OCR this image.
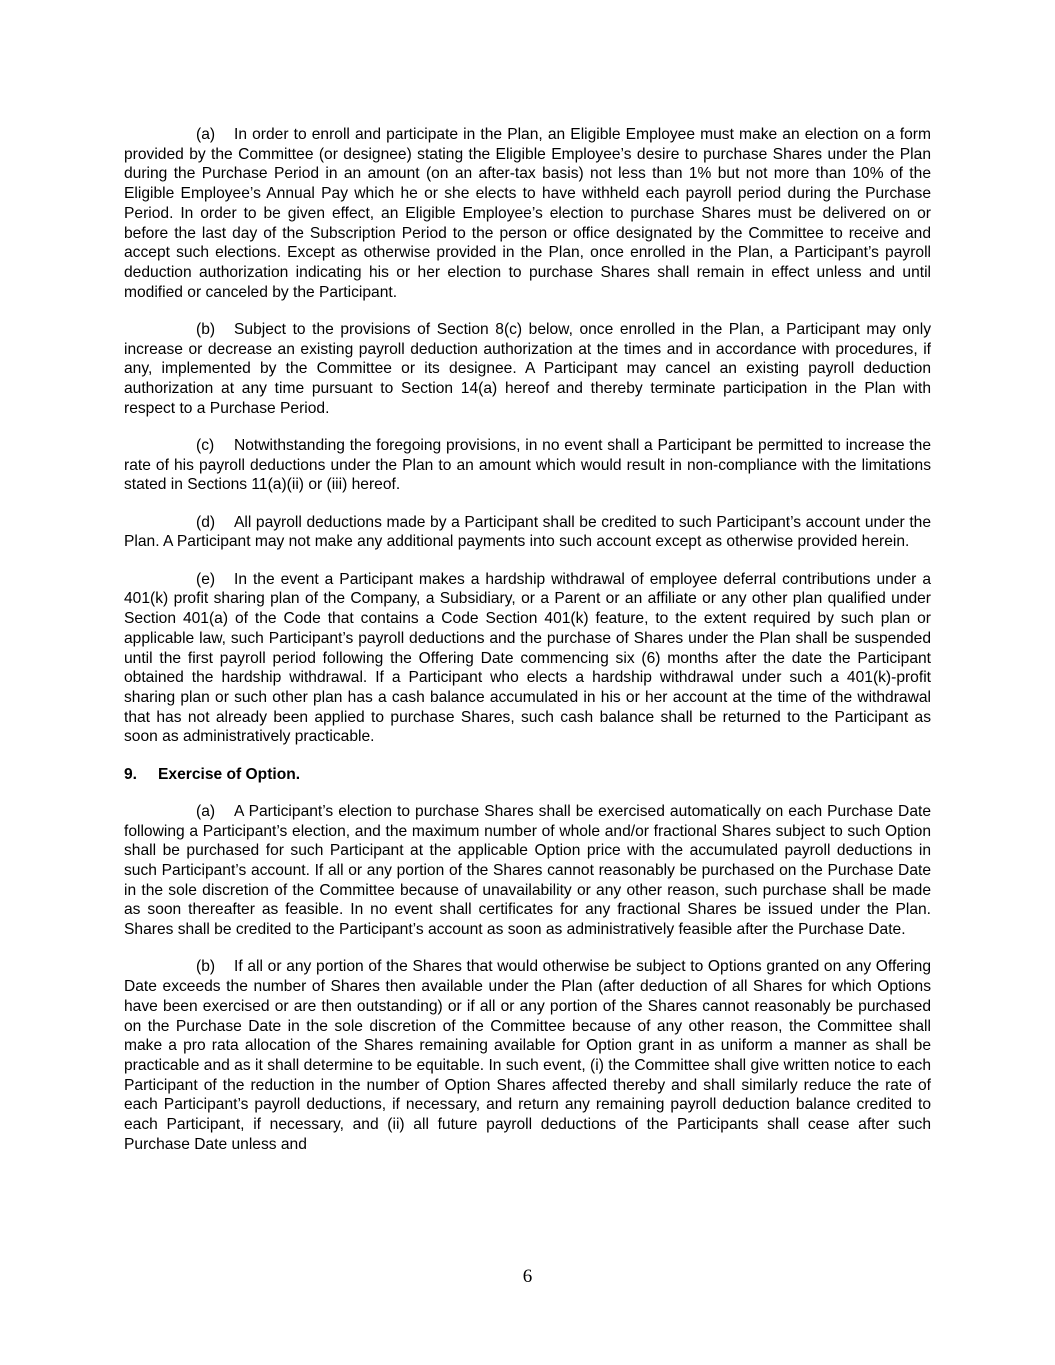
(a) In order to enroll and participate in the Plan, an Eligible Employee must make an election on a form provided by the Committee (or designee) stating the Eligible Employee’s desire to purchase Shares under the Plan during the Purchase Period in an amount (on an after-tax basis) not less than 1% but not more than 10% of the Eligible Employee’s Annual Pay which he or she elects to have withheld each payroll period during the Purchase Period. In order to be given effect, an Eligible Employee’s election to purchase Shares must be delivered on or before the last day of the Subscription Period to the person or office designated by the Committee to receive and accept such elections. Except as otherwise provided in the Plan, once enrolled in the Plan, a Participant’s payroll deduction authorization indicating his or her election to purchase Shares shall remain in effect unless and until modified or canceled by the Participant.

(b) Subject to the provisions of Section 8(c) below, once enrolled in the Plan, a Participant may only increase or decrease an existing payroll deduction authorization at the times and in accordance with procedures, if any, implemented by the Committee or its designee. A Participant may cancel an existing payroll deduction authorization at any time pursuant to Section 14(a) hereof and thereby terminate participation in the Plan with respect to a Purchase Period.

(c) Notwithstanding the foregoing provisions, in no event shall a Participant be permitted to increase the rate of his payroll deductions under the Plan to an amount which would result in non-compliance with the limitations stated in Sections 11(a)(ii) or (iii) hereof.

(d) All payroll deductions made by a Participant shall be credited to such Participant’s account under the Plan. A Participant may not make any additional payments into such account except as otherwise provided herein.

(e) In the event a Participant makes a hardship withdrawal of employee deferral contributions under a 401(k) profit sharing plan of the Company, a Subsidiary, or a Parent or an affiliate or any other plan qualified under Section 401(a) of the Code that contains a Code Section 401(k) feature, to the extent required by such plan or applicable law, such Participant’s payroll deductions and the purchase of Shares under the Plan shall be suspended until the first payroll period following the Offering Date commencing six (6) months after the date the Participant obtained the hardship withdrawal. If a Participant who elects a hardship withdrawal under such a 401(k)-profit sharing plan or such other plan has a cash balance accumulated in his or her account at the time of the withdrawal that has not already been applied to purchase Shares, such cash balance shall be returned to the Participant as soon as administratively practicable.

9. Exercise of Option.

(a) A Participant’s election to purchase Shares shall be exercised automatically on each Purchase Date following a Participant’s election, and the maximum number of whole and/or fractional Shares subject to such Option shall be purchased for such Participant at the applicable Option price with the accumulated payroll deductions in such Participant’s account. If all or any portion of the Shares cannot reasonably be purchased on the Purchase Date in the sole discretion of the Committee because of unavailability or any other reason, such purchase shall be made as soon thereafter as feasible. In no event shall certificates for any fractional Shares be issued under the Plan. Shares shall be credited to the Participant’s account as soon as administratively feasible after the Purchase Date.

(b) If all or any portion of the Shares that would otherwise be subject to Options granted on any Offering Date exceeds the number of Shares then available under the Plan (after deduction of all Shares for which Options have been exercised or are then outstanding) or if all or any portion of the Shares cannot reasonably be purchased on the Purchase Date in the sole discretion of the Committee because of any other reason, the Committee shall make a pro rata allocation of the Shares remaining available for Option grant in as uniform a manner as shall be practicable and as it shall determine to be equitable. In such event, (i) the Committee shall give written notice to each Participant of the reduction in the number of Option Shares affected thereby and shall similarly reduce the rate of each Participant’s payroll deductions, if necessary, and return any remaining payroll deduction balance credited to each Participant, if necessary, and (ii) all future payroll deductions of the Participants shall cease after such Purchase Date unless and

6
